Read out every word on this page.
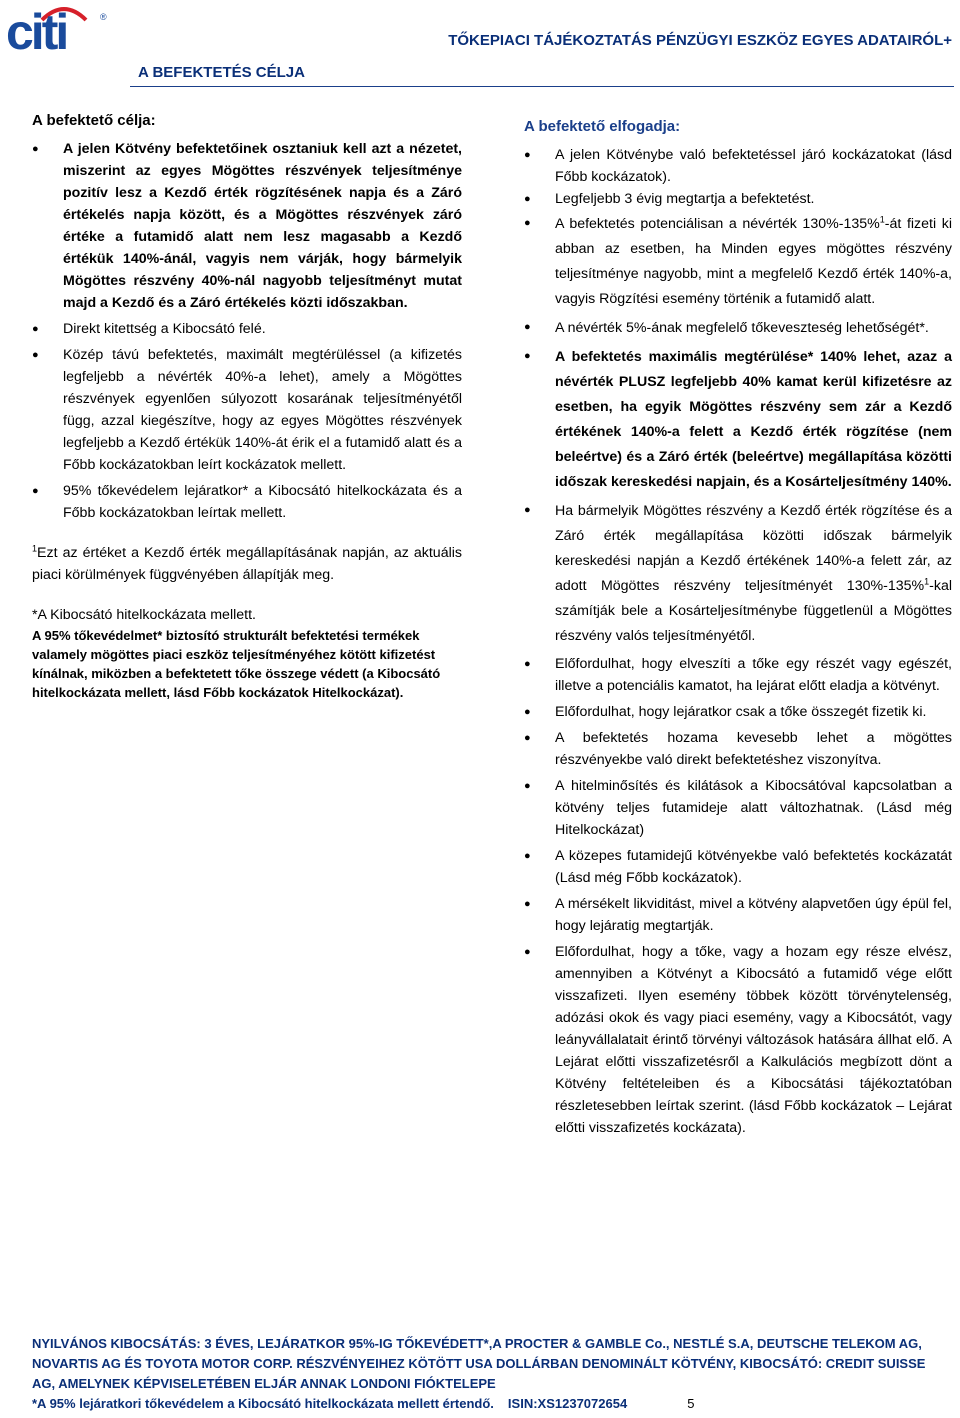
citi	®
TŐKEPIACI TÁJÉKOZTATÁS PÉNZÜGYI ESZKÖZ EGYES ADATAIRÓL+
A BEFEKTETÉS CÉLJA
A befektető célja:
● A jelen Kötvény befektetőinek osztaniuk kell azt a nézetet, miszerint az egyes Mögöttes részvények teljesítménye pozitív lesz a Kezdő érték rögzítésének napja és a Záró értékelés napja között, és a Mögöttes részvények záró értéke a futamidő alatt nem lesz magasabb a Kezdő értékük 140%-ánál, vagyis nem várják, hogy bármelyik Mögöttes részvény 40%-nál nagyobb teljesítményt mutat majd a Kezdő és a Záró értékelés közti időszakban.
● Direkt kitettség a Kibocsátó felé.
● Közép távú befektetés, maximált megtérüléssel (a kifizetés legfeljebb a névérték 40%-a lehet), amely a Mögöttes részvények egyenlően súlyozott kosarának teljesítményétől függ, azzal kiegészítve, hogy az egyes Mögöttes részvények legfeljebb a Kezdő értékük 140%-át érik el a futamidő alatt és a Főbb kockázatokban leírt kockázatok mellett.
● 95% tőkevédelem lejáratkor* a Kibocsátó hitelkockázata és a Főbb kockázatokban leírtak mellett.
$^1$Ezt az értéket a Kezdő érték megállapításának napján, az aktuális piaci körülmények függvényében állapítják meg.
*A Kibocsátó hitelkockázata mellett.
A 95% tőkevédelmet* biztosító strukturált befektetési termékek valamely mögöttes piaci eszköz teljesítményéhez kötött kifizetést kínálnak, miközben a befektetett tőke összege védett (a Kibocsátó hitelkockázata mellett, lásd Főbb kockázatok Hitelkockázat).
A befektető elfogadja:
● A jelen Kötvénybe való befektetéssel járó kockázatokat (lásd Főbb kockázatok).
● Legfeljebb 3 évig megtartja a befektetést.
● A befektetés potenciálisan a névérték 130%-135%$^1$-át fizeti ki abban az esetben, ha Minden egyes mögöttes részvény teljesítménye nagyobb, mint a megfelelő Kezdő érték 140%-a, vagyis Rögzítési esemény történik a futamidő alatt.
● A névérték 5%-ának megfelelő tőkeveszteség lehetőségét*.
● A befektetés maximális megtérülése* 140% lehet, azaz a névérték PLUSZ legfeljebb 40% kamat kerül kifizetésre az esetben, ha egyik Mögöttes részvény sem zár a Kezdő értékének 140%-a felett a Kezdő érték rögzítése (nem beleértve) és a Záró érték (beleértve) megállapítása közötti időszak kereskedési napjain, és a Kosárteljesítmény 140%.
● Ha bármelyik Mögöttes részvény a Kezdő érték rögzítése és a Záró érték megállapítása közötti időszak bármelyik kereskedési napján a Kezdő értékének 140%-a felett zár, az adott Mögöttes részvény teljesítményét 130%-135%$^1$-kal számítják bele a Kosárteljesítménybe függetlenül a Mögöttes részvény valós teljesítményétől.
● Előfordulhat, hogy elveszíti a tőke egy részét vagy egészét, illetve a potenciális kamatot, ha lejárat előtt eladja a kötvényt.
● Előfordulhat, hogy lejáratkor csak a tőke összegét fizetik ki.
● A befektetés hozama kevesebb lehet a mögöttes részvényekbe való direkt befektetéshez viszonyítva.
● A hitelminősítés és kilátások a Kibocsátóval kapcsolatban a kötvény teljes futamideje alatt változhatnak. (Lásd még Hitelkockázat)
● A közepes futamidejű kötvényekbe való befektetés kockázatát (Lásd még Főbb kockázatok).
● A mérsékelt likviditást, mivel a kötvény alapvetően úgy épül fel, hogy lejáratig megtartják.
● Előfordulhat, hogy a tőke, vagy a hozam egy része elvész, amennyiben a Kötvényt a Kibocsátó a futamidő vége előtt visszafizeti. Ilyen esemény többek között törvénytelenség, adózási okok és vagy piaci esemény, vagy a Kibocsátót, vagy leányvállalatait érintő törvényi változások hatására állhat elő. A Lejárat előtti visszafizetésről a Kalkulációs megbízott dönt a Kötvény feltételeiben és a Kibocsátási tájékoztatóban részletesebben leírtak szerint. (lásd Főbb kockázatok – Lejárat előtti visszafizetés kockázata).
NYILVÁNOS KIBOCSÁTÁS: 3 ÉVES, LEJÁRATKOR 95%-IG TŐKEVÉDETT*,A PROCTER & GAMBLE Co., NESTLÉ S.A, DEUTSCHE TELEKOM AG,
NOVARTIS AG ÉS TOYOTA MOTOR CORP. RÉSZVÉNYEIHEZ KÖTÖTT USA DOLLÁRBAN DENOMINÁLT KÖTVÉNY, KIBOCSÁTÓ: CREDIT SUISSE
AG, AMELYNEK KÉPVISELETÉBEN ELJÁR ANNAK LONDONI FIÓKTELEPE
*A 95% lejáratkori tőkevédelem a Kibocsátó hitelkockázata mellett értendő. ISIN:XS1237072654	5
